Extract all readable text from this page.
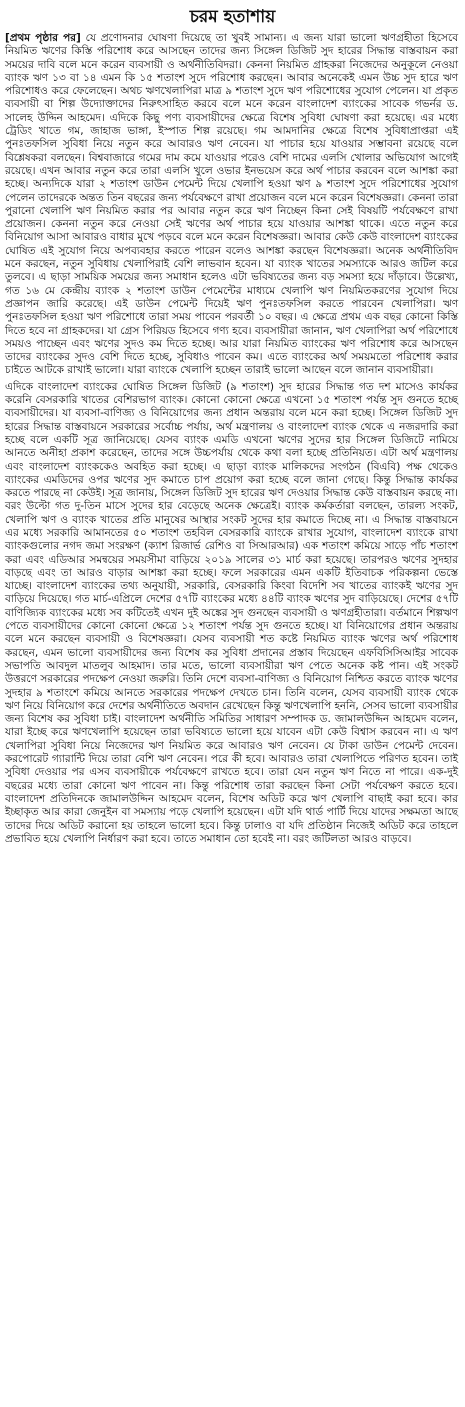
চরম হতাশায়

[প্রথম পৃষ্ঠার পর] যে প্রণোদনার ঘোষণা দিয়েছে তা খুবই সামান্য। এ জন্য যারা ভালো ঋণগ্রহীতা হিসেবে নিয়মিত ঋণের কিস্তি পরিশোধ করে আসছেন তাদের জন্য সিঙ্গেল ডিজিট সুদ হারের সিদ্ধান্ত বাস্তবায়ন করা সময়ের দাবি বলে মনে করেন ব্যবসায়ী ও অর্থনীতিবিদরা। কেননা নিয়মিত গ্রাহকরা নিজেদের অনুকূলে নেওয়া ব্যাংক ঋণ ১৩ বা ১৪ এমন কি ১৫ শতাংশ সুদে পরিশোধ করছেন। আবার অনেকেই এমন উচ্চ সুদ হারে ঋণ পরিশোধও করে ফেলেছেন। অথচ ঋণখেলাপিরা মাত্র ৯ শতাংশ সুদে ঋণ পরিশোধের সুযোগ পেলেন। যা প্রকৃত ব্যবসায়ী বা শিল্প উদ্যোক্তাদের নিরুৎসাহিত করবে বলে মনে করেন বাংলাদেশ ব্যাংকের সাবেক গভর্নর ড. সালেহ উদ্দিন আহমেদ। এদিকে কিছু পণ্য ব্যবসায়ীদের ক্ষেত্রে বিশেষ সুবিধা ঘোষণা করা হয়েছে। এর মধ্যে ট্রেডিং খাতে গম, জাহাজ ভাঙ্গা, ইস্পাত শিল্প রয়েছে। গম আমদানির ক্ষেত্রে বিশেষ সুবিধাপ্রাপ্তরা এই পুনঃতফসিল সুবিধা নিয়ে নতুন করে আবারও ঋণ নেবেন। যা পাচার হয়ে যাওয়ার সম্ভাবনা রয়েছে বলে বিশ্লেষকরা বলছেন। বিশ্ববাজারে গমের দাম কমে যাওয়ার পরেও বেশি দামের এলসি খোলার অভিযোগ আগেই রয়েছে। এখন আবার নতুন করে তারা এলসি খুলে ওভার ইনভয়েস করে অর্থ পাচার করবেন বলে আশঙ্কা করা হচ্ছে। অন্যদিকে যারা ২ শতাংশ ডাউন পেমেন্ট দিয়ে খেলাপি হওয়া ঋণ ৯ শতাংশ সুদে পরিশোধের সুযোগ পেলেন তাদেরকে অন্তত তিন বছরের জন্য পর্যবেক্ষণে রাখা প্রয়োজন বলে মনে করেন বিশেষজ্ঞরা। কেননা তারা পুরানো খেলাপি ঋণ নিয়মিত করার পর আবার নতুন করে ঋণ নিচ্ছেন কিনা সেই বিষয়টি পর্যবেক্ষণে রাখা প্রয়োজন। কেননা নতুন করে নেওয়া সেই ঋণের অর্থ পাচার হয়ে যাওয়ার আশঙ্কা থাকে। এতে নতুন করে বিনিয়োগ আসা আবারও বাধার মুখে পড়বে বলে মনে করেন বিশেষজ্ঞরা। আবার কেউ কেউ বাংলাদেশ ব্যাংকের ঘোষিত এই সুযোগ নিয়ে অপব্যবহার করতে পারেন বলেও আশঙ্কা করছেন বিশেষজ্ঞরা। অনেক অর্থনীতিবিদ মনে করছেন, নতুন সুবিধায় খেলাপিরাই বেশি লাভবান হবেন। যা ব্যাংক খাতের সমস্যাকে আরও জটিল করে তুলবে। এ ছাড়া সাময়িক সময়ের জন্য সমাধান হলেও এটা ভবিষ্যতের জন্য বড় সমস্যা হয়ে দাঁড়াবে। উল্লেখ্য, গত ১৬ মে কেন্দ্রীয় ব্যাংক ২ শতাংশ ডাউন পেমেন্টের মাধ্যমে খেলাপি ঋণ নিয়মিতকরণের সুযোগ দিয়ে প্রজ্ঞাপন জারি করেছে। এই ডাউন পেমেন্ট দিয়েই ঋণ পুনঃতফসিল করতে পারবেন খেলাপিরা। ঋণ পুনঃতফসিল হওয়া ঋণ পরিশোধে তারা সময় পাবেন পরবর্তী ১০ বছর। এ ক্ষেত্রে প্রথম এক বছর কোনো কিস্তি দিতে হবে না গ্রাহকদের। যা গ্রেস পিরিয়ড হিসেবে গণ্য হবে। ব্যবসায়ীরা জানান, ঋণ খেলাপিরা অর্থ পরিশোধে সময়ও পাচ্ছেন এবং ঋণের সুদও কম দিতে হচ্ছে। আর যারা নিয়মিত ব্যাংকের ঋণ পরিশোধ করে আসছেন তাদের ব্যাংকের সুদও বেশি দিতে হচ্ছে, সুবিধাও পাবেন কম। এতে ব্যাংকের অর্থ সময়মতো পরিশোধ করার চাইতে আটকে রাখাই ভালো। যারা ব্যাংকে খেলাপি হচ্ছেন তারাই ভালো আছেন বলে জানান ব্যবসায়ীরা।

এদিকে বাংলাদেশ ব্যাংকের ঘোষিত সিঙ্গেল ডিজিট (৯ শতাংশ) সুদ হারের সিদ্ধান্ত গত দশ মাসেও কার্যকর করেনি বেসরকারি খাতের বেশিরভাগ ব্যাংক। কোনো কোনো ক্ষেত্রে এখনো ১৫ শতাংশ পর্যন্ত সুদ গুনতে হচ্ছে ব্যবসায়ীদের। যা ব্যবসা-বাণিজ্য ও বিনিয়োগের জন্য প্রধান অন্তরায় বলে মনে করা হচ্ছে। সিঙ্গেল ডিজিট সুদ হারের সিদ্ধান্ত বাস্তবায়নে সরকারের সর্বোচ্চ পর্যায়, অর্থ মন্ত্রণালয় ও বাংলাদেশ ব্যাংক থেকে এ নজরদারি করা হচ্ছে বলে একটি সূত্র জানিয়েছে। যেসব ব্যাংক এমডি এখনো ঋণের সুদের হার সিঙ্গেল ডিজিটে নামিয়ে আনতে অনীহা প্রকাশ করেছেন, তাদের সঙ্গে উচ্চপর্যায় থেকে কথা বলা হচ্ছে প্রতিনিয়ত। এটা অর্থ মন্ত্রণালয় এবং বাংলাদেশ ব্যাংককেও অবহিত করা হচ্ছে। এ ছাড়া ব্যাংক মালিকদের সংগঠন (বিএবি) পক্ষ থেকেও ব্যাংকের এমডিদের ওপর ঋণের সুদ কমাতে চাপ প্রয়োগ করা হচ্ছে বলে জানা গেছে। কিন্তু সিদ্ধান্ত কার্যকর করতে পারছে না কেউই। সূত্র জানায়, সিঙ্গেল ডিজিট সুদ হারের ঋণ দেওয়ার সিদ্ধান্ত কেউ বাস্তবায়ন করছে না। বরং উল্টো গত দু-তিন মাসে সুদের হার বেড়েছে অনেক ক্ষেত্রেই। ব্যাংক কর্মকর্তারা বলছেন, তারল্য সংকট, খেলাপি ঋণ ও ব্যাংক খাতের প্রতি মানুষের আস্থার সংকট সুদের হার কমাতে দিচ্ছে না। এ সিদ্ধান্ত বাস্তবায়নে এর মধ্যে সরকারি আমানতের ৫০ শতাংশ তহবিল বেসরকারি ব্যাংকে রাখার সুযোগ, বাংলাদেশ ব্যাংকে রাখা ব্যাংকগুলোর নগদ জমা সংরক্ষণ (ক্যাশ রিজার্ভ রেশিও বা সিআরআর) এক শতাংশ কমিয়ে সাড়ে পাঁচ শতাংশ করা এবং এডিআর সমন্বয়ের সময়সীমা বাড়িয়ে ২০১৯ সালের ৩১ মার্চ করা হয়েছে। তারপরও ঋণের সুদহার বাড়ছে এবং তা আরও বাড়ার আশঙ্কা করা হচ্ছে। ফলে সরকারের এমন একটি ইতিবাচক পরিকল্পনা ভেস্তে যাচ্ছে। বাংলাদেশ ব্যাংকের তথ্য অনুযায়ী, সরকারি, বেসরকারি কিংবা বিদেশি সব খাতের ব্যাংকই ঋণের সুদ বাড়িয়ে দিয়েছে। গত মার্চ-এপ্রিলে দেশের ৫৭টি ব্যাংকের মধ্যে ৪৪টি ব্যাংক ঋণের সুদ বাড়িয়েছে। দেশের ৫৭টি বাণিজ্যিক ব্যাংকের মধ্যে সব কটিতেই এখন দুই অঙ্কের সুদ গুনছেন ব্যবসায়ী ও ঋণগ্রহীতারা। বর্তমানে শিল্পঋণ পেতে ব্যবসায়ীদের কোনো কোনো ক্ষেত্রে ১২ শতাংশ পর্যন্ত সুদ গুনতে হচ্ছে। যা বিনিয়োগের প্রধান অন্তরায় বলে মনে করছেন ব্যবসায়ী ও বিশেষজ্ঞরা। যেসব ব্যবসায়ী শত কষ্টে নিয়মিত ব্যাংক ঋণের অর্থ পরিশোধ করছেন, এমন ভালো ব্যবসায়ীদের জন্য বিশেষ কর সুবিধা প্রদানের প্রস্তাব দিয়েছেন এফবিসিসিআইর সাবেক সভাপতি আবদুল মাতলুব আহমাদ। তার মতে, ভালো ব্যবসায়ীরা ঋণ পেতে অনেক কষ্ট পান। এই সংকট উত্তরণে সরকারের পদক্ষেপ নেওয়া জরুরি। তিনি দেশে ব্যবসা-বাণিজ্য ও বিনিয়োগ নিশ্চিত করতে ব্যাংক ঋণের সুদহার ৯ শতাংশে কমিয়ে আনতে সরকারের পদক্ষেপ দেখতে চান। তিনি বলেন, যেসব ব্যবসায়ী ব্যাংক থেকে ঋণ নিয়ে বিনিয়োগ করে দেশের অর্থনীতিতে অবদান রেখেছেন কিন্তু ঋণখেলাপি হননি, সেসব ভালো ব্যবসায়ীর জন্য বিশেষ কর সুবিধা চাই। বাংলাদেশ অর্থনীতি সমিতির সাধারণ সম্পাদক ড. জামালউদ্দিন আহমেদ বলেন, যারা ইচ্ছে করে ঋণখেলাপি হয়েছেন তারা ভবিষ্যতে ভালো হয়ে যাবেন এটা কেউ বিশ্বাস করবেন না। এ ঋণ খেলাপিরা সুবিধা নিয়ে নিজেদের ঋণ নিয়মিত করে আবারও ঋণ নেবেন। যে টাকা ডাউন পেমেন্ট দেবেন। করপোরেট গ্যারান্টি দিয়ে তারা বেশি ঋণ নেবেন। পরে কী হবে। আবারও তারা খেলাপিতে পরিণত হবেন। তাই সুবিধা দেওয়ার পর এসব ব্যবসায়ীকে পর্যবেক্ষণে রাখতে হবে। তারা যেন নতুন ঋণ নিতে না পারে। এক-দুই বছরের মধ্যে তারা কোনো ঋণ পাবেন না। কিন্তু পরিশোধ তারা করছেন কিনা সেটা পর্যবেক্ষণ করতে হবে। বাংলাদেশ প্রতিদিনকে জামালউদ্দিন আহমেদ বলেন, বিশেষ অডিট করে ঋণ খেলাপি বাছাই করা হবে। কার ইচ্ছাকৃত আর কারা জেনুইন বা সমস্যায় পড়ে খেলাপি হয়েছেন। এটা যদি থার্ড পার্টি দিয়ে যাদের সক্ষমতা আছে তাদের দিয়ে অডিট করানো হয় তাহলে ভালো হবে। কিন্তু ঢালাও বা যদি প্রতিষ্ঠান নিজেই অডিট করে তাহলে প্রভাবিত হয়ে খেলাপি নির্ধারণ করা হবে। তাতে সমাধান তো হবেই না। বরং জটিলতা আরও বাড়বে।
